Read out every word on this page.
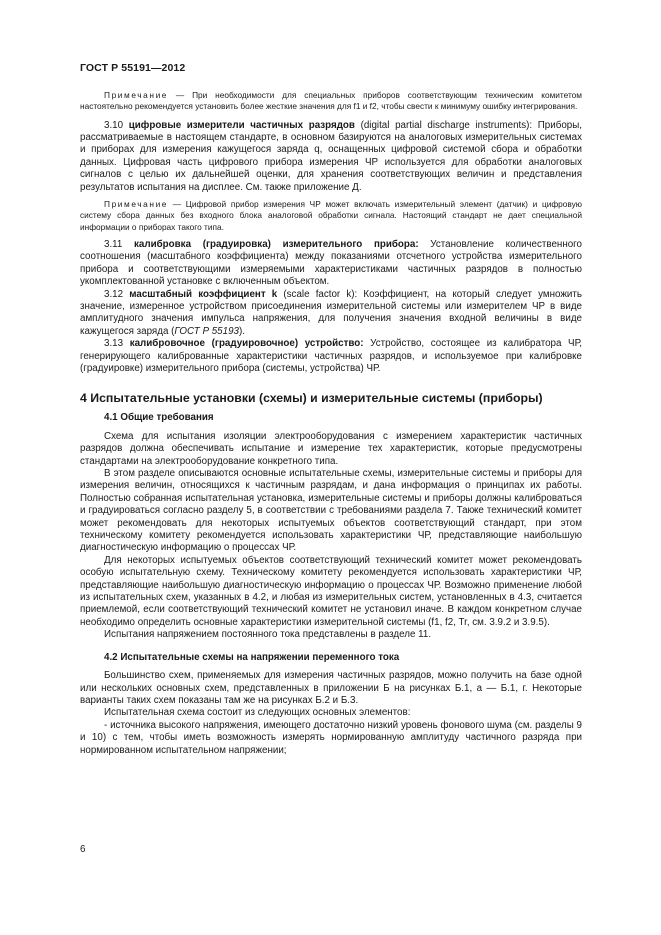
ГОСТ Р 55191—2012

Примечание — При необходимости для специальных приборов соответствующим техническим комитетом настоятельно рекомендуется установить более жесткие значения для f1 и f2, чтобы свести к минимуму ошибку интегрирования.

3.10 цифровые измерители частичных разрядов (digital partial discharge instruments): Приборы, рассматриваемые в настоящем стандарте, в основном базируются на аналоговых измерительных системах и приборах для измерения кажущегося заряда q, оснащенных цифровой системой сбора и обработки данных. Цифровая часть цифрового прибора измерения ЧР используется для обработки аналоговых сигналов с целью их дальнейшей оценки, для хранения соответствующих величин и представления результатов испытания на дисплее. См. также приложение Д.

Примечание — Цифровой прибор измерения ЧР может включать измерительный элемент (датчик) и цифровую систему сбора данных без входного блока аналоговой обработки сигнала. Настоящий стандарт не дает специальной информации о приборах такого типа.

3.11 калибровка (градуировка) измерительного прибора: Установление количественного соотношения (масштабного коэффициента) между показаниями отсчетного устройства измерительного прибора и соответствующими измеряемыми характеристиками частичных разрядов в полностью укомплектованной установке с включенным объектом.

3.12 масштабный коэффициент k (scale factor k): Коэффициент, на который следует умножить значение, измеренное устройством присоединения измерительной системы или измерителем ЧР в виде амплитудного значения импульса напряжения, для получения значения входной величины в виде кажущегося заряда (ГОСТ Р 55193).

3.13 калибровочное (градуировочное) устройство: Устройство, состоящее из калибратора ЧР, генерирующего калиброванные характеристики частичных разрядов, и используемое при калибровке (градуировке) измерительного прибора (системы, устройства) ЧР.

4 Испытательные установки (схемы) и измерительные системы (приборы)
4.1 Общие требования

Схема для испытания изоляции электрооборудования с измерением характеристик частичных разрядов должна обеспечивать испытание и измерение тех характеристик, которые предусмотрены стандартами на электрооборудование конкретного типа.

В этом разделе описываются основные испытательные схемы, измерительные системы и приборы для измерения величин, относящихся к частичным разрядам, и дана информация о принципах их работы. Полностью собранная испытательная установка, измерительные системы и приборы должны калиброваться и градуироваться согласно разделу 5, в соответствии с требованиями раздела 7. Также технический комитет может рекомендовать для некоторых испытуемых объектов соответствующий стандарт, при этом техническому комитету рекомендуется использовать характеристики ЧР, представляющие наибольшую диагностическую информацию о процессах ЧР.

Для некоторых испытуемых объектов соответствующий технический комитет может рекомендовать особую испытательную схему. Техническому комитету рекомендуется использовать характеристики ЧР, представляющие наибольшую диагностическую информацию о процессах ЧР. Возможно применение любой из испытательных схем, указанных в 4.2, и любая из измерительных систем, установленных в 4.3, считается приемлемой, если соответствующий технический комитет не установил иначе. В каждом конкретном случае необходимо определить основные характеристики измерительной системы (f1, f2, Tr, см. 3.9.2 и 3.9.5).

Испытания напряжением постоянного тока представлены в разделе 11.

4.2 Испытательные схемы на напряжении переменного тока

Большинство схем, применяемых для измерения частичных разрядов, можно получить на базе одной или нескольких основных схем, представленных в приложении Б на рисунках Б.1, а — Б.1, г. Некоторые варианты таких схем показаны там же на рисунках Б.2 и Б.3.

Испытательная схема состоит из следующих основных элементов:

- источника высокого напряжения, имеющего достаточно низкий уровень фонового шума (см. разделы 9 и 10) с тем, чтобы иметь возможность измерять нормированную амплитуду частичного разряда при нормированном испытательном напряжении;

6
